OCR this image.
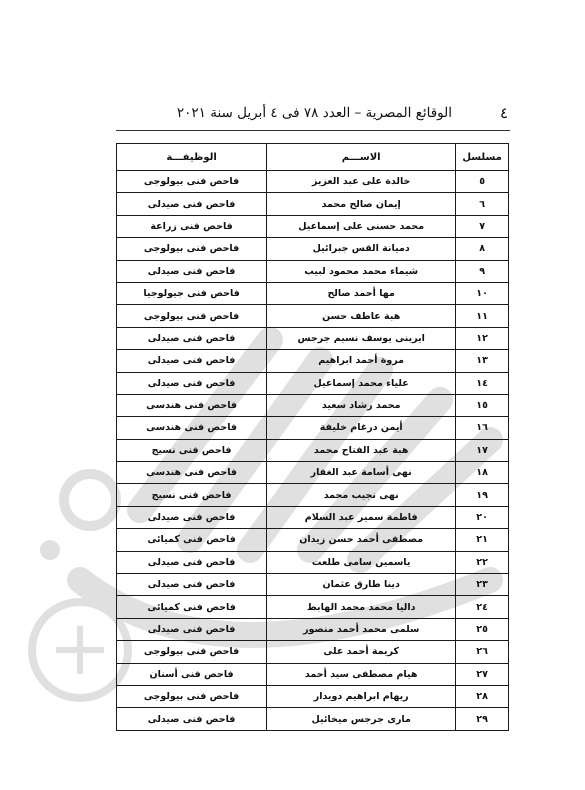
٤
الوقائع المصرية – العدد ٧٨ فى ٤ أبريل سنة ٢٠٢١
مسلسل	الاســـم	الوظيفـــة
٥	خالدة على عبد العزيز	فاحص فنى بيولوجى
٦	إيمان صالح محمد	فاحص فنى صيدلى
٧	محمد حسنى على إسماعيل	فاحص فنى زراعة
٨	دميانة القس جبرائيل	فاحص فنى بيولوجى
٩	شيماء محمد محمود لبيب	فاحص فنى صيدلى
١٠	مها أحمد صالح	فاحص فنى جيولوجيا
١١	هبة عاطف حسن	فاحص فنى بيولوجى
١٢	ايرينى يوسف نسيم جرجس	فاحص فنى صيدلى
١٣	مروة أحمد ابراهيم	فاحص فنى صيدلى
١٤	علياء محمد إسماعيل	فاحص فنى صيدلى
١٥	محمد رشاد سعيد	فاحص فنى هندسى
١٦	أيمن درغام خليفة	فاحص فنى هندسى
١٧	هبة عبد الفتاح محمد	فاحص فنى نسيج
١٨	نهى أسامة عبد الغفار	فاحص فنى هندسى
١٩	نهى نجيب محمد	فاحص فنى نسيج
٢٠	فاطمة سمير عبد السلام	فاحص فنى صيدلى
٢١	مصطفى أحمد حسن زيدان	فاحص فنى كميائى
٢٢	ياسمين سامى طلعت	فاحص فنى صيدلى
٢٣	دينا طارق عثمان	فاحص فنى صيدلى
٢٤	داليا محمد محمد الهابط	فاحص فنى كميائى
٢٥	سلمى محمد أحمد منصور	فاحص فنى صيدلى
٢٦	كريمة أحمد على	فاحص فنى بيولوجى
٢٧	هيام مصطفى سيد أحمد	فاحص فنى أسنان
٢٨	ريهام ابراهيم دويدار	فاحص فنى بيولوجى
٢٩	مارى جرجس ميخائيل	فاحص فنى صيدلى
